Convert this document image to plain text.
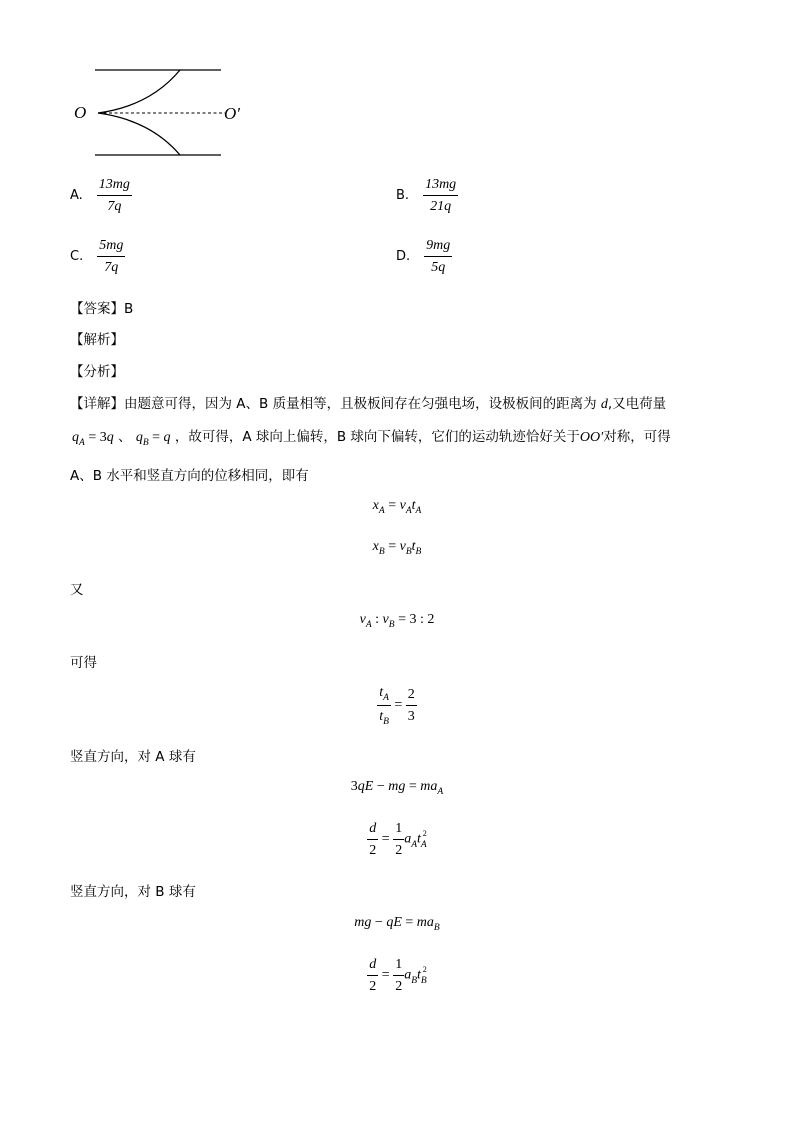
O	O′
A. $\frac{13mg}{7q}$	B. $\frac{13mg}{21q}$
C. $\frac{5mg}{7q}$	D. $\frac{9mg}{5q}$
【答案】B
【解析】
【分析】
【详解】由题意可得，因为 A、B 质量相等，且极板间存在匀强电场，设极板间的距离为 d,又电荷量
$q_A = 3q$ 、 $q_B = q$ ，故可得，A 球向上偏转，B 球向下偏转，它们的运动轨迹恰好关于OO′对称，可得
A、B 水平和竖直方向的位移相同，即有
$x_A = v_At_A$
$x_B = v_Bt_B$
又
$v_A$ : $v_B = 3$ : 2
可得
$\frac{t_A}{t_B} = \frac{2}{3}$
竖直方向，对 A 球有
3qE − mg = $ma_A$
$\frac{d}{2} = \frac{1}{2} a_At_A^2$
竖直方向，对 B 球有
mg − qE = $ma_B$
$\frac{d}{2} = \frac{1}{2} a_Bt_B^2$
